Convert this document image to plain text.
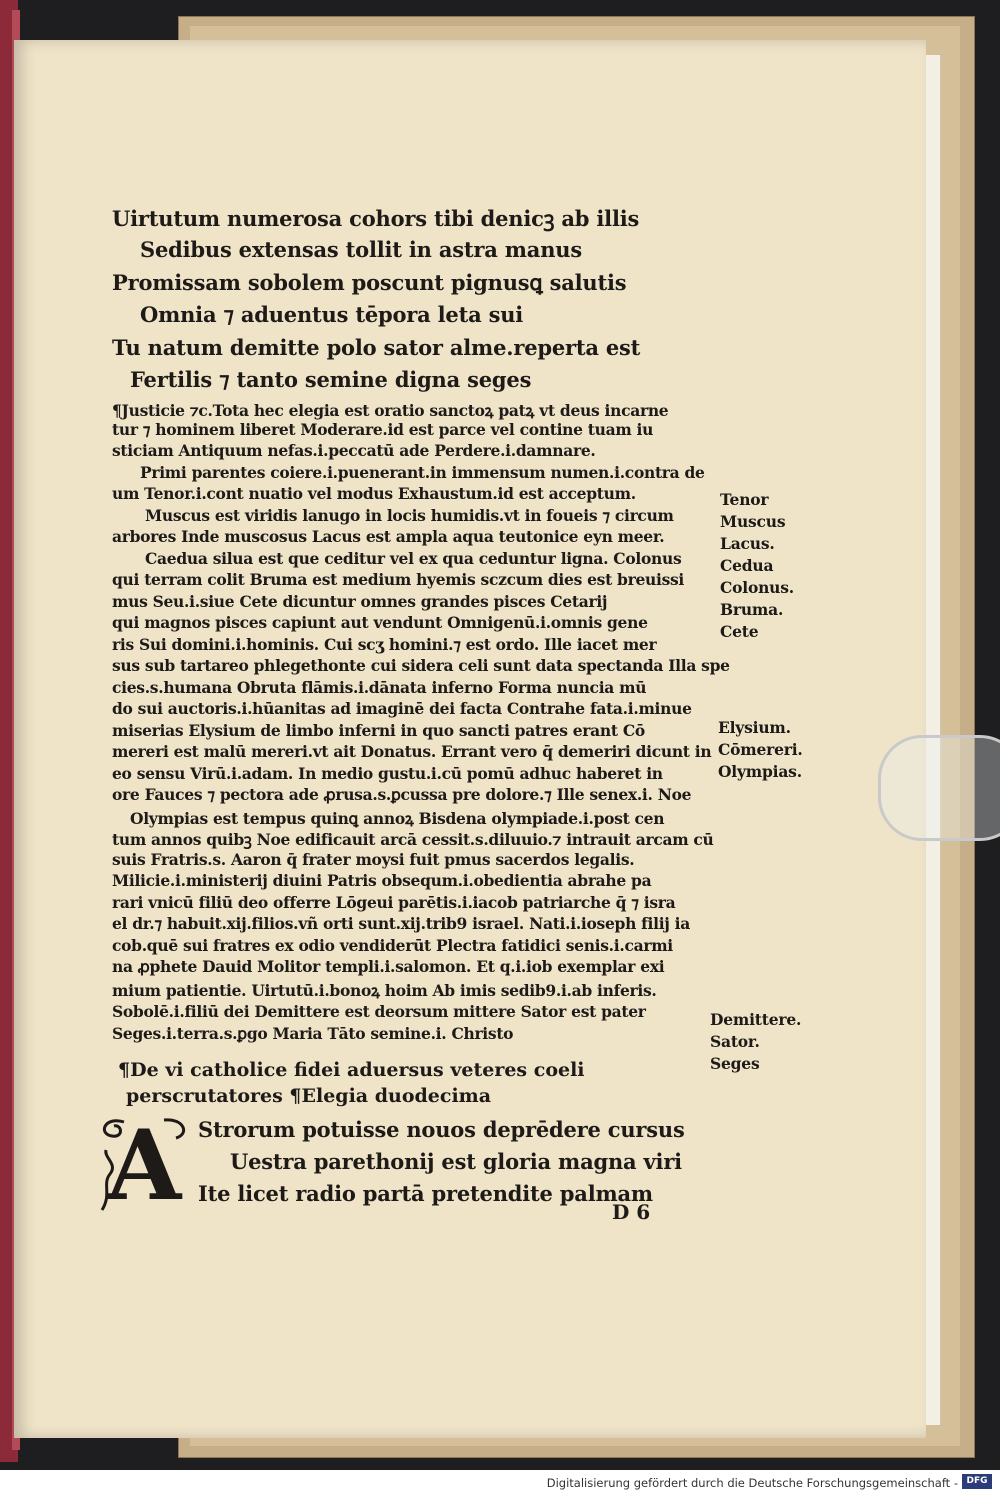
Uirtutum numerosa cohors tibi denicꝫ ab illis
Sedibus extensas tollit in astra manus
Promissam sobolem poscunt pignusꝗ salutis
Omnia ⁊ aduentus tēpora leta sui
Tu natum demitte polo sator alme.reperta est
Fertilis ⁊ tanto semine digna seges
¶Justicie ⁊c.Tota hec elegia est oratio sanctoꝝ patꝝ vt deus incarne
tur ⁊ hominem liberet Moderare.id est parce vel contine tuam iu
sticiam Antiquum nefas.i.peccatū ade Perdere.i.damnare.
Primi parentes coiere.i.puenerant.in immensum numen.i.contra de
um Tenor.i.cont nuatio vel modus Exhaustum.id est acceptum.
Muscus est viridis lanugo in locis humidis.vt in foueis ⁊ circum
arbores Inde muscosus Lacus est ampla aqua teutonice eyn meer.
Caedua silua est que ceditur vel ex qua ceduntur ligna. Colonus
qui terram colit Bruma est medium hyemis sczcum dies est breuissi
mus Seu.i.siue Cete dicuntur omnes grandes pisces Cetarij
qui magnos pisces capiunt aut vendunt Omnigenū.i.omnis gene
ris Sui domini.i.hominis. Cui scʒ homini.⁊ est ordo. Ille iacet mer
sus sub tartareo phlegethonte cui sidera celi sunt data spectanda Illa spe
cies.s.humana Obruta flāmis.i.dānata inferno Forma nuncia mū
do sui auctoris.i.hūanitas ad imaginē dei facta Contrahe fata.i.minue
miserias Elysium de limbo inferni in quo sancti patres erant Cō
mereri est malū mereri.vt ait Donatus. Errant vero q̄ demeriri dicunt in
eo sensu Virū.i.adam. In medio gustu.i.cū pomū adhuc haberet in
ore Fauces ⁊ pectora ade ꝓrusa.s.ꝑcussa pre dolore.⁊ Ille senex.i. Noe
Olympias est tempus quinꝗ annoꝝ Bisdena olympiade.i.post cen
tum annos quibꝫ Noe edificauit arcā cessit.s.diluuio.⁊ intrauit arcam cū
suis Fratris.s. Aaron q̄ frater moysi fuit pmus sacerdos legalis.
Milicie.i.ministerij diuini Patris obsequm.i.obedientia abrahe pa
rari vnicū filiū deo offerre Lōgeui parētis.i.iacob patriarche q̄ ⁊ isra
el dr.⁊ habuit.xij.filios.vñ orti sunt.xij.trib9 israel. Nati.i.ioseph filij ia
cob.quē sui fratres ex odio vendiderūt Plectra fatidici senis.i.carmi
na ꝓphete Dauid Molitor templi.i.salomon. Et q.i.iob exemplar exi
mium patientie. Uirtutū.i.bonoꝝ hoim Ab imis sedib9.i.ab inferis.
Sobolē.i.filiū dei Demittere est deorsum mittere Sator est pater
Seges.i.terra.s.ꝑgo Maria Tāto semine.i. Christo
Tenor
Muscus
Lacus.
Cedua
Colonus.
Bruma.
Cete
Elysium.
Cōmereri.
Olympias.
Demittere.
Sator.
Seges
¶De vi catholice fidei aduersus veteres coeli
perscrutatores ¶Elegia duodecima
A Strorum potuisse nouos deprēdere cursus
Uestra parethonij est gloria magna viri
Ite licet radio partā pretendite palmam
D 6
Digitalisierung gefördert durch die Deutsche Forschungsgemeinschaft - DFG
